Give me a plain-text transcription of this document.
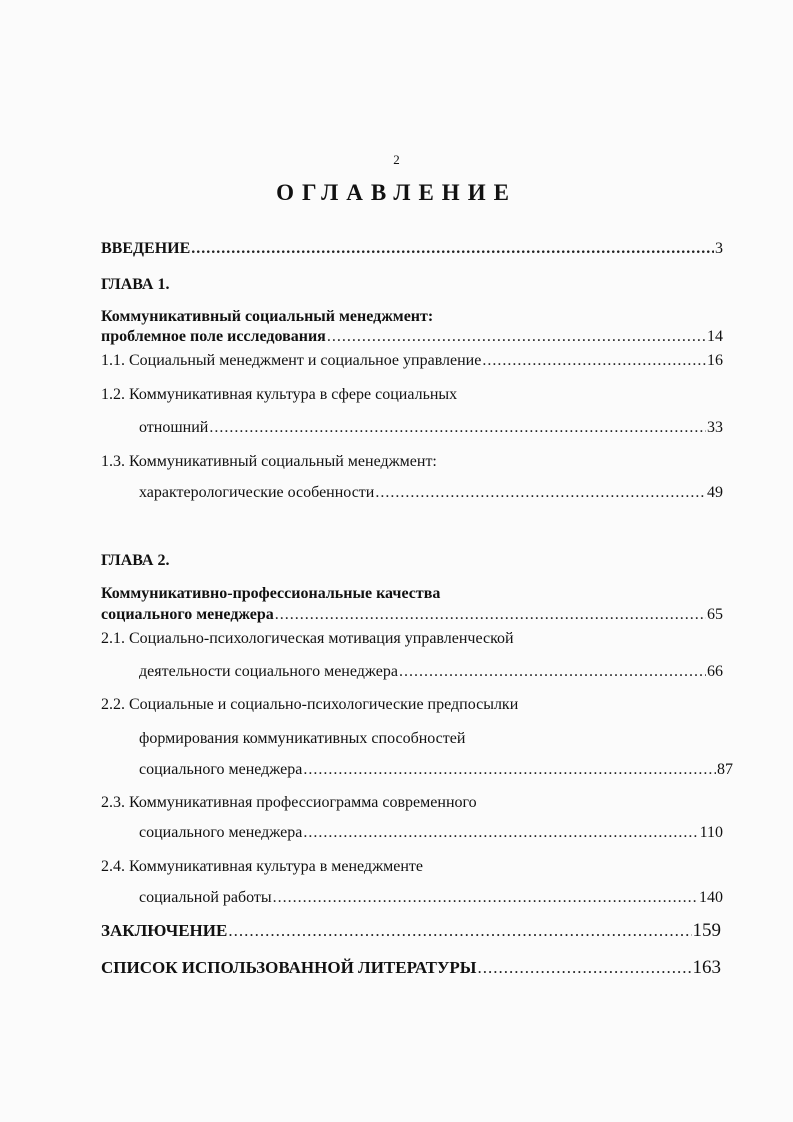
2
ОГЛАВЛЕНИЕ
ВВЕДЕНИЕ .....	3
ГЛАВА 1.
Коммуникативный социальный менеджмент:
проблемное поле исследования .....	14
1.1. Социальный менеджмент и социальное управление .....	16
1.2. Коммуникативная культура в сфере социальных
отношний .....	33
1.3. Коммуникативный социальный менеджмент:
характерологические особенности .....	49
ГЛАВА 2.
Коммуникативно-профессиональные качества
социального менеджера .....	65
2.1. Социально-психологическая мотивация управленческой
деятельности социального менеджера .....	66
2.2. Социальные и социально-психологические предпосылки
формирования коммуникативных способностей
социального менеджера .....	87
2.3. Коммуникативная профессиограмма современного
социального менеджера .....	110
2.4. Коммуникативная культура в менеджменте
социальной работы .....	140
ЗАКЛЮЧЕНИЕ .....	159
СПИСОК ИСПОЛЬЗОВАННОЙ ЛИТЕРАТУРЫ .....	163
